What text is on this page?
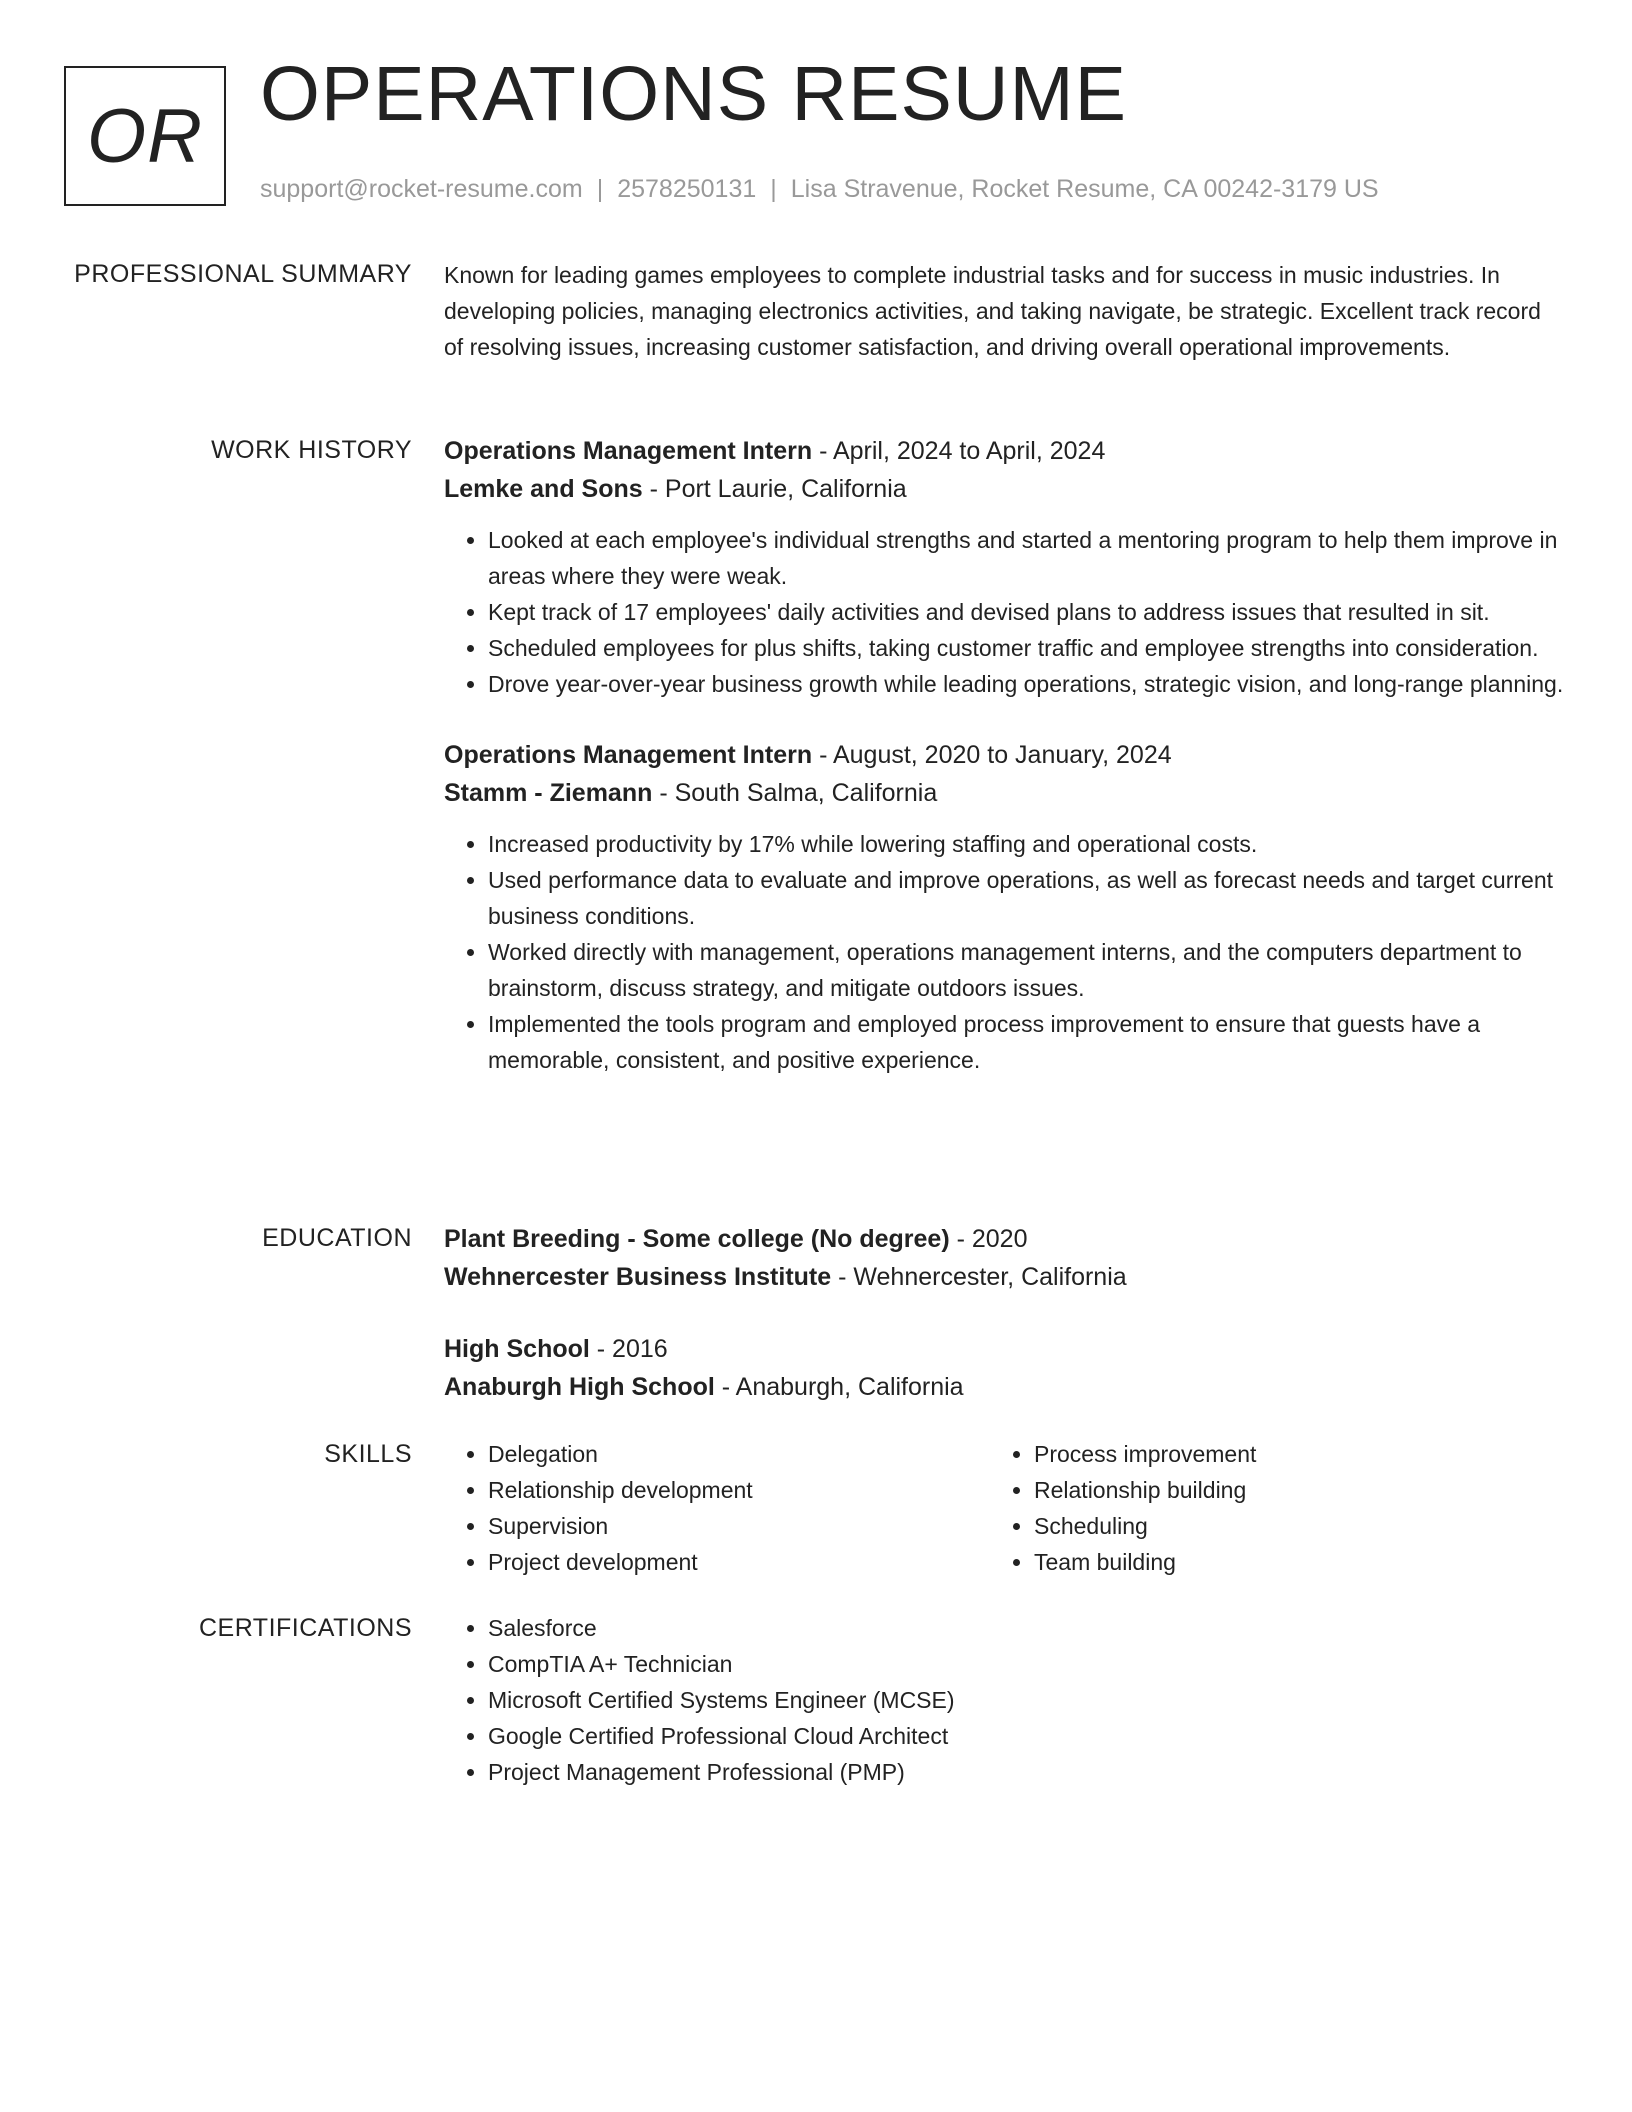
OR OPERATIONS RESUME
support@rocket-resume.com | 2578250131 | Lisa Stravenue, Rocket Resume, CA 00242-3179 US
PROFESSIONAL SUMMARY Known for leading games employees to complete industrial tasks and for success in music industries. In developing policies, managing electronics activities, and taking navigate, be strategic. Excellent track record of resolving issues, increasing customer satisfaction, and driving overall operational improvements.

WORK HISTORY Operations Management Intern - April, 2024 to April, 2024

Lemke and Sons - Port Laurie, California

• Looked at each employee's individual strengths and started a mentoring program to help them improve in areas where they were weak.
• Kept track of 17 employees' daily activities and devised plans to address issues that resulted in sit.
• Scheduled employees for plus shifts, taking customer traffic and employee strengths into consideration.
• Drove year-over-year business growth while leading operations, strategic vision, and long-range planning.

Operations Management Intern - August, 2020 to January, 2024

Stamm - Ziemann - South Salma, California

• Increased productivity by 17% while lowering staffing and operational costs.
• Used performance data to evaluate and improve operations, as well as forecast needs and target current business conditions.
• Worked directly with management, operations management interns, and the computers department to brainstorm, discuss strategy, and mitigate outdoors issues.
• Implemented the tools program and employed process improvement to ensure that guests have a memorable, consistent, and positive experience.
EDUCATION Plant Breeding - Some college (No degree) - 2020

Wehnercester Business Institute - Wehnercester, California

High School - 2016

Anaburgh High School - Anaburgh, California

SKILLS	• Delegation
• Relationship development
• Supervision
• Project development
• Process improvement
• Relationship building
• Scheduling
• Team building
CERTIFICATIONS	• Salesforce
• CompTIA A+ Technician
• Microsoft Certified Systems Engineer (MCSE)
• Google Certified Professional Cloud Architect
• Project Management Professional (PMP)
